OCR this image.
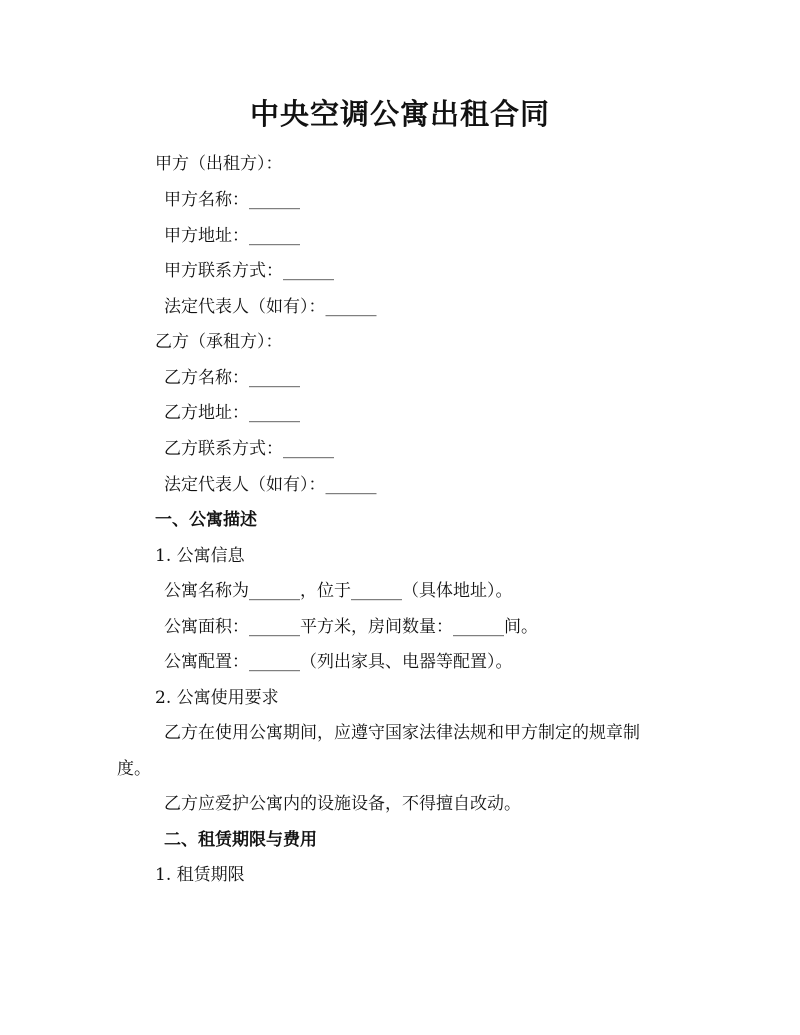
中央空调公寓出租合同
甲方（出租方）：
甲方名称：______
甲方地址：______
甲方联系方式：______
法定代表人（如有）：______
乙方（承租方）：
乙方名称：______
乙方地址：______
乙方联系方式：______
法定代表人（如有）：______
一、公寓描述
1. 公寓信息
公寓名称为______，位于______（具体地址）。
公寓面积：______平方米，房间数量：______间。
公寓配置：______（列出家具、电器等配置）。
2. 公寓使用要求
乙方在使用公寓期间，应遵守国家法律法规和甲方制定的规章制
度。
乙方应爱护公寓内的设施设备，不得擅自改动。
二、租赁期限与费用
1. 租赁期限
